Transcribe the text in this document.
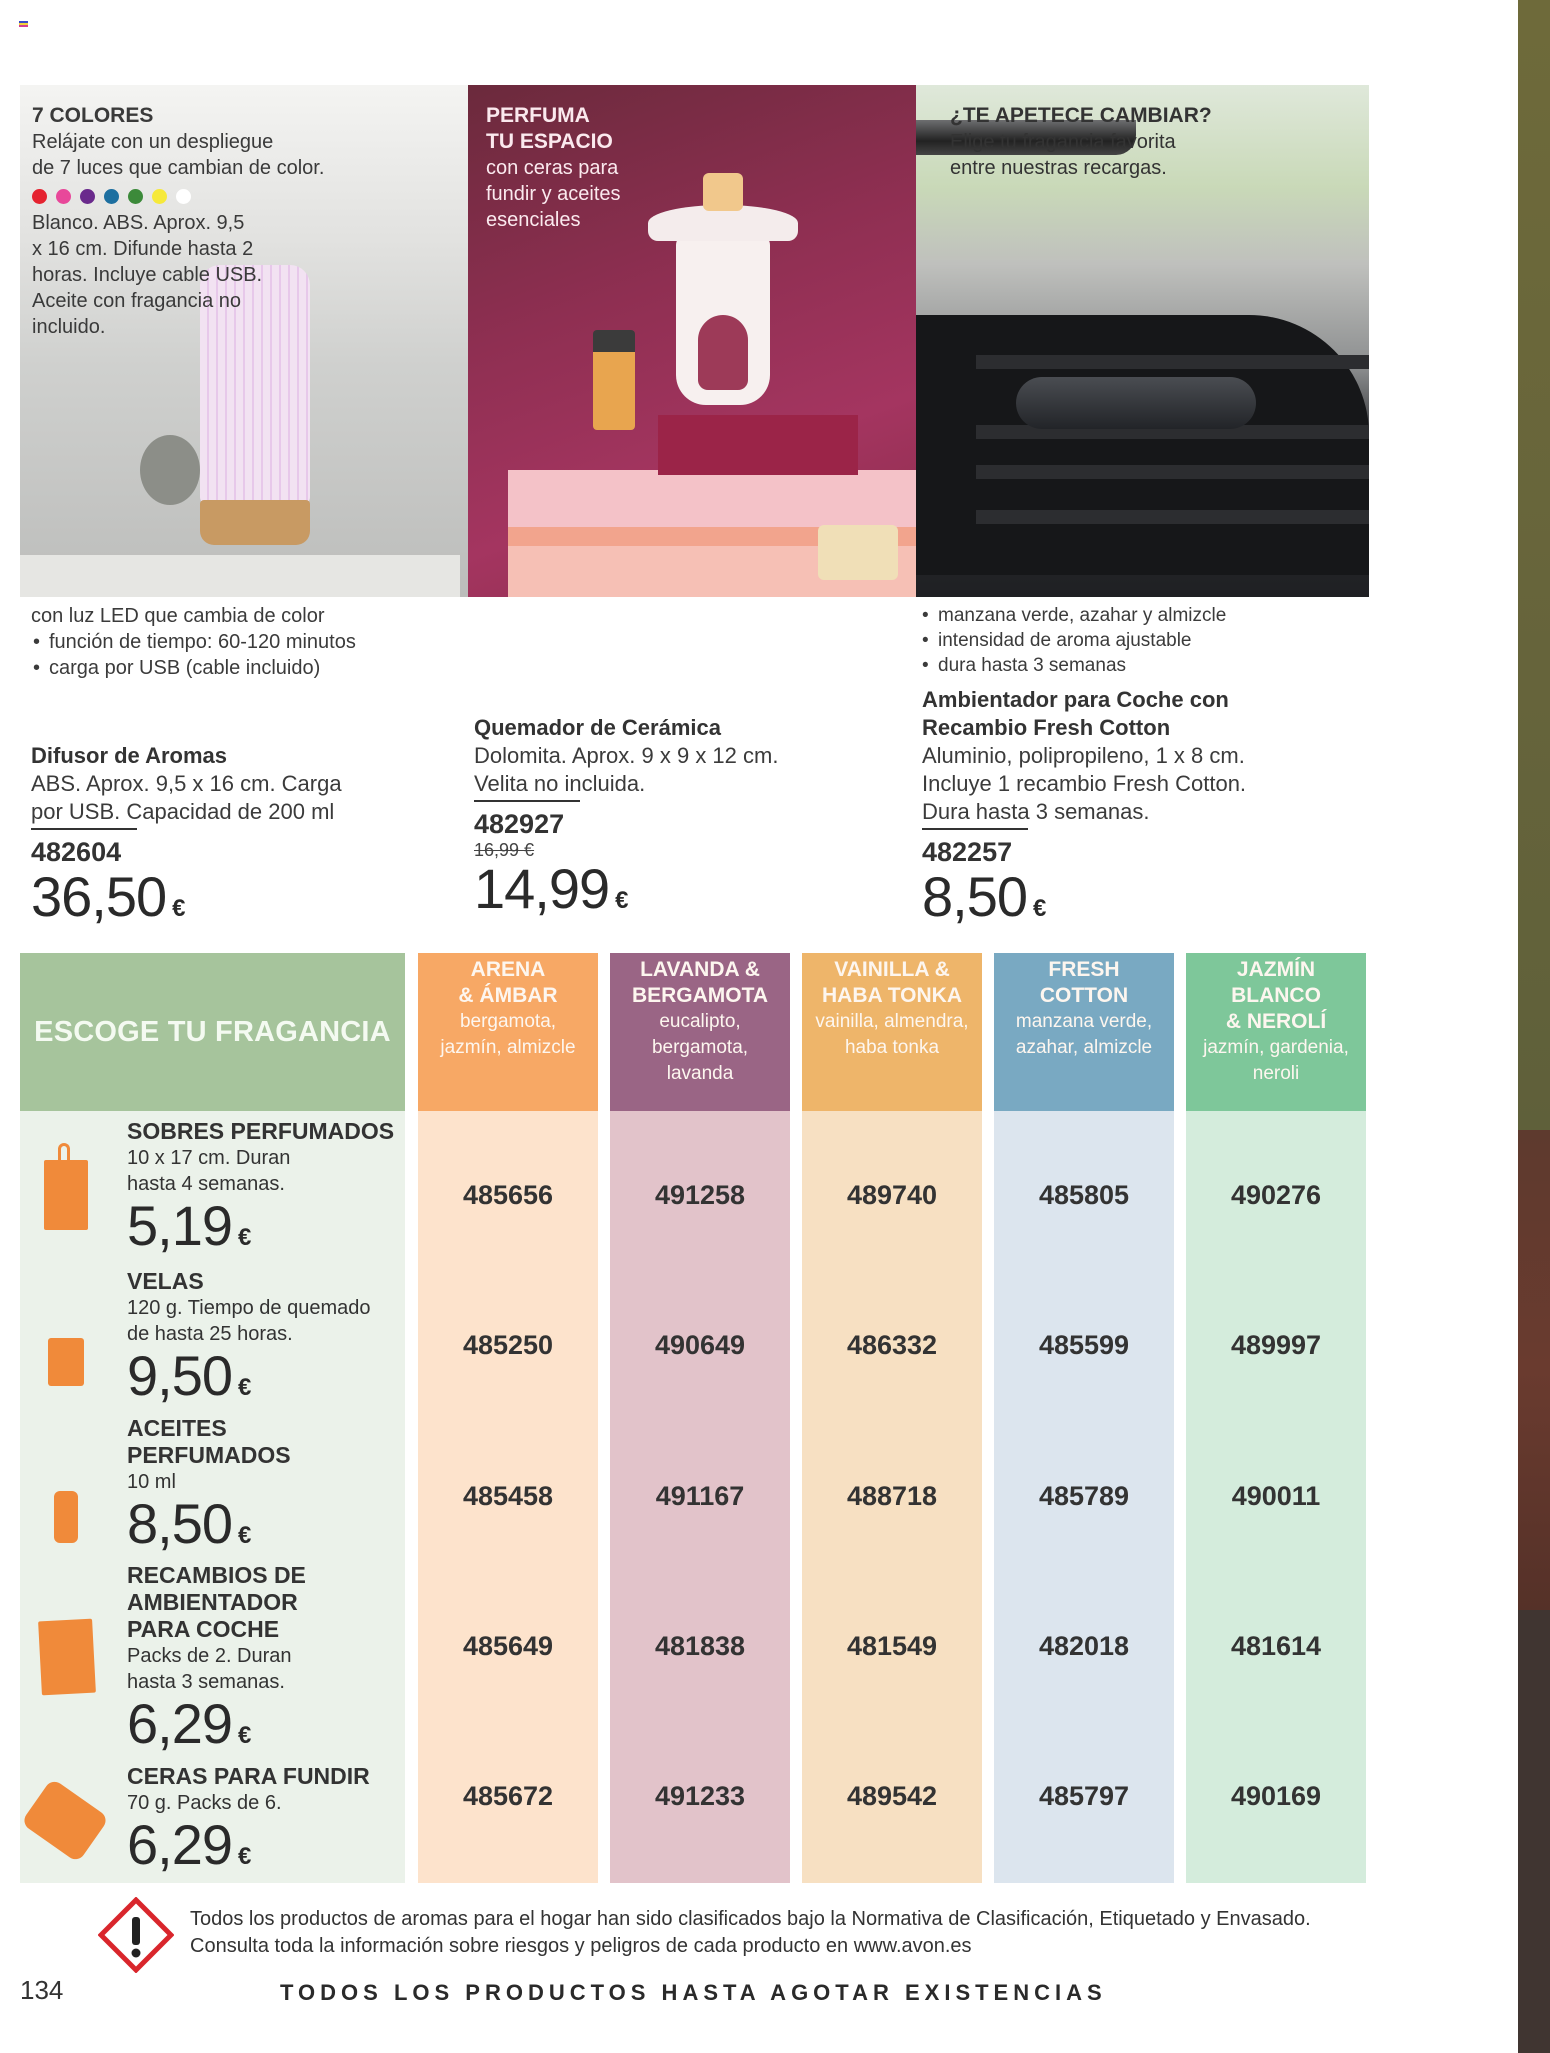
7 COLORES
Relájate con un despliegue
de 7 luces que cambian de color.
Blanco. ABS. Aprox. 9,5
x 16 cm. Difunde hasta 2
horas. Incluye cable USB.
Aceite con fragancia no
incluido.
PERFUMA
TU ESPACIO
con ceras para
fundir y aceites
esenciales
¿TE APETECE CAMBIAR?
Elige tu fragancia favorita
entre nuestras recargas.
con luz LED que cambia de color
• función de tiempo: 60-120 minutos
• carga por USB (cable incluido)
• manzana verde, azahar y almizcle
• intensidad de aroma ajustable
• dura hasta 3 semanas
Difusor de Aromas
ABS. Aprox. 9,5 x 16 cm. Carga
por USB. Capacidad de 200 ml
482604
36,50 €
Quemador de Cerámica
Dolomita. Aprox. 9 x 9 x 12 cm.
Velita no incluida.
482927
16,99 €
14,99 €
Ambientador para Coche con
Recambio Fresh Cotton
Aluminio, polipropileno, 1 x 8 cm.
Incluye 1 recambio Fresh Cotton.
Dura hasta 3 semanas.
482257
8,50 €
ESCOGE TU FRAGANCIA
SOBRES PERFUMADOS
10 x 17 cm. Duran
hasta 4 semanas.
5,19 €
VELAS
120 g. Tiempo de quemado
de hasta 25 horas.
9,50 €
ACEITES
PERFUMADOS
10 ml
8,50 €
RECAMBIOS DE
AMBIENTADOR
PARA COCHE
Packs de 2. Duran
hasta 3 semanas.
6,29 €
CERAS PARA FUNDIR
70 g. Packs de 6.
6,29 €
ARENA
& ÁMBAR
bergamota,
jazmín, almizcle
485656
485250
485458
485649
485672
LAVANDA &
BERGAMOTA
eucalipto,
bergamota,
lavanda
491258
490649
491167
481838
491233
VAINILLA &
HABA TONKA
vainilla, almendra,
haba tonka
489740
486332
488718
481549
489542
FRESH
COTTON
manzana verde,
azahar, almizcle
485805
485599
485789
482018
485797
JAZMÍN
BLANCO
& NEROLÍ
jazmín, gardenia,
neroli
490276
489997
490011
481614
490169
Todos los productos de aromas para el hogar han sido clasificados bajo la Normativa de Clasificación, Etiquetado y Envasado. Consulta toda la información sobre riesgos y peligros de cada producto en www.avon.es
134	TODOS LOS PRODUCTOS HASTA AGOTAR EXISTENCIAS
